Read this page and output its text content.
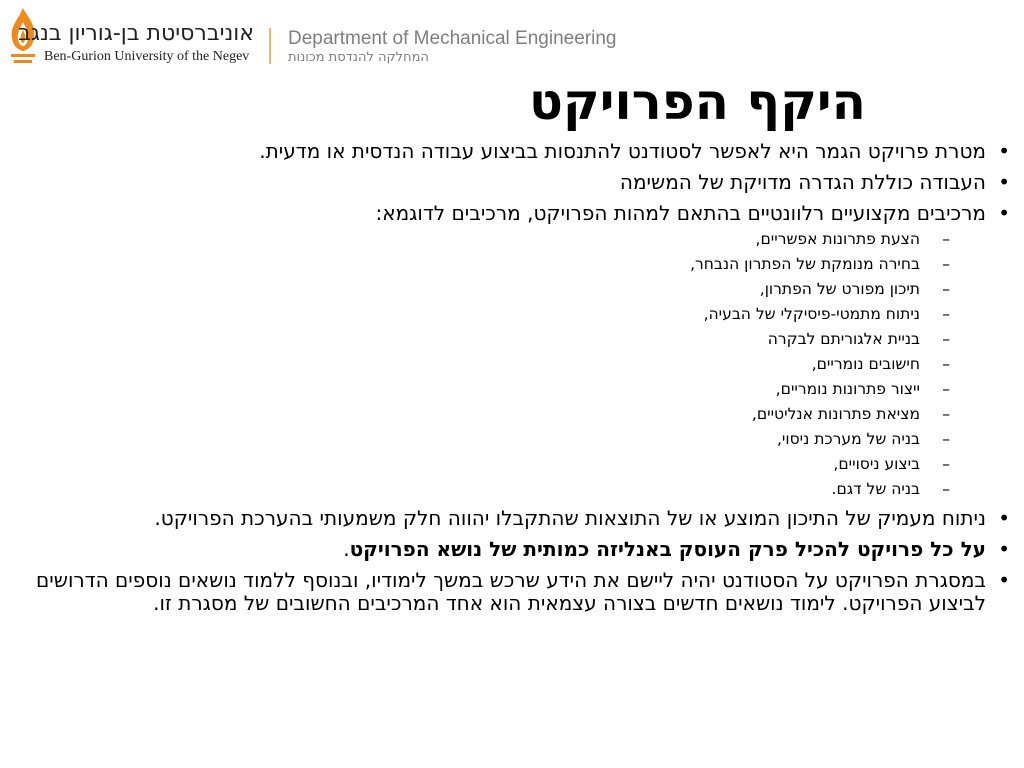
אוניברסיטת בן-גוריון בנגב
Ben-Gurion University of the Negev
Department of Mechanical Engineering
המחלקה להנדסת מכונות
היקף הפרויקט
• מטרת פרויקט הגמר היא לאפשר לסטודנט להתנסות בביצוע עבודה הנדסית או מדעית.
• העבודה כוללת הגדרה מדויקת של המשימה
• מרכיבים מקצועיים רלוונטיים בהתאם למהות הפרויקט, מרכיבים לדוגמא:
– הצעת פתרונות אפשריים,
– בחירה מנומקת של הפתרון הנבחר,
– תיכון מפורט של הפתרון,
– ניתוח מתמטי-פיסיקלי של הבעיה,
– בניית אלגוריתם לבקרה
– חישובים נומריים,
– ייצור פתרונות נומריים,
– מציאת פתרונות אנליטיים,
– בניה של מערכת ניסוי,
– ביצוע ניסויים,
– בניה של דגם.
• ניתוח מעמיק של התיכון המוצע או של התוצאות שהתקבלו יהווה חלק משמעותי בהערכת הפרויקט.
• על כל פרויקט להכיל פרק העוסק באנליזה כמותית של נושא הפרויקט.
• במסגרת הפרויקט על הסטודנט יהיה ליישם את הידע שרכש במשך לימודיו, ובנוסף ללמוד נושאים נוספים הדרושים לביצוע הפרויקט. לימוד נושאים חדשים בצורה עצמאית הוא אחד המרכיבים החשובים של מסגרת זו.
